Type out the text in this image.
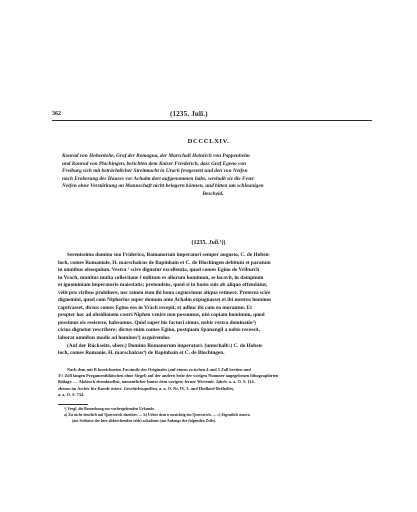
362	(1235. Juli.)
DCCCLXIV.
Konrad von Hohenlohe, Graf der Romagna, der Marschall Heinrich von Pappenheim
und Konrad von Plochingen, berichten dem Kaiser Friederich, dass Graf Egeno von
Freiburg sich mit beträchtlicher Streitmacht in Urach festgesetzt und den von Neifen
nach Eroberung des Hauses vor Achalm dort aufgenommen habe, weshalb sie die Feste
Neifen ohne Verstärkung an Mannschaft nicht belagern können, und bitten um schleunigen
Bescheid.
(1235. Juli.¹))
Serenissimo domino suo Friderico, Romanorum imperatori semper augusto, C. de Hoben-
loch, comes Romaniole, H. marschalcus de Bapinhain et C. de Blochingen debitum et paratum
in omnibus obsequium. Vestra ¹ scire dignetur excellentia, quod comes Egino de Vriburch
in Vrach, munitus multa collectione ‖ militum et aliorum hominum, se locavit, in dampnum
et ignominiam imperatorie maiestatis; pretendens, quod si in bonis suis ab aliquo offendatur,
velit pro viribus prohibere, nec tamen eum ibi bona cognovimus aliqua retinere. Preterea scire
dignemini, quod cum Nipherius super domum ante Achalm expugnasset et ibi nostros homines
captivasset, dictus comes Egino eos in Vrach recepit, et adhuc ibi cum eo morantur. Et
propter hoc ad obsidionem castri Niphen venire non possumus, nisi copiam hominum, quod
possimus eis resistere, habeamus. Quid super his facturi simus, nobis vestra dominatio²)
cicius dignetur rescribere; dictus enim comes Egino, postquam Spanangil a nobis recessit,
laborat omnibus modis ad homines³) acquirendos.
(Auf der Rückseite, oben:) Domino Romanorum imperatori. (unterhalb:) C. de Hoben-
loch, comes Romanie, H. marschalcus⁴) de Bapinhain et C. de Blochingen.
Nach dem mit B bezeichneten Facsimile des Originales (auf einem zwischen 4 und 5 Zoll breiten und
3½ Zoll langen Pergamentblättchen ohne Siegel) auf der andern Seite der vorigen Nummer angegebenen lithographirten
Beilage. — Abdruck ebendaselbst, namentlicher hinter dem vorigen; ferner Wirtemb. Jahrb. a. a. O. S. 114.
ebenso im Archiv für Kunde österr. Geschichtsquellen, a. a. O. Nr. IV, 3. und Huillard-Bréholles,
a. a. O. S. 734.
¹) Vergl. die Bemerkung zur vorhergehenden Urkunde.
a) Zu nicht deutlich mit Querstrich darüber. — b) Ueber dem n unrichtig ein Querstrich. — c) Eigentlich marca
(am Schlusse der hier abbrechenden zeile) ackalinne (am Anfange der folgenden Zeile).
